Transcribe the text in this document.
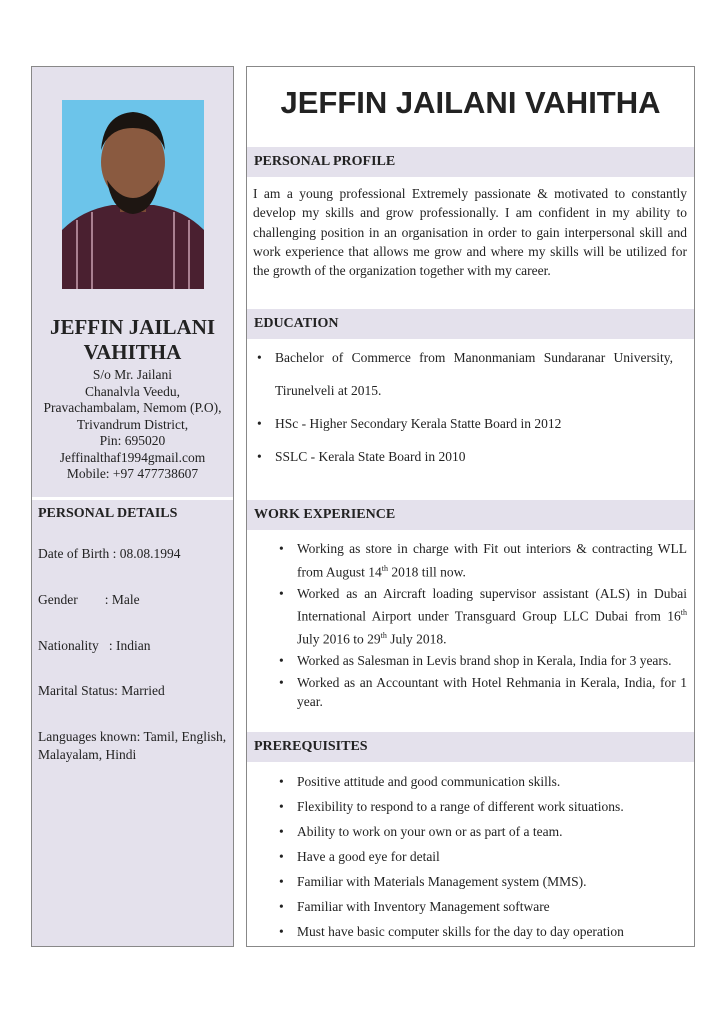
JEFFIN JAILANI VAHITHA
S/o Mr. Jailani
Chanalvla Veedu,
Pravachambalam, Nemom (P.O),
Trivandrum District,
Pin: 695020
Jeffinalthaf1994gmail.com
Mobile: +97 477738607
PERSONAL DETAILS
Date of Birth : 08.08.1994
Gender        : Male
Nationality   : Indian
Marital Status: Married
Languages known: Tamil, English, Malayalam, Hindi
JEFFIN JAILANI VAHITHA
PERSONAL PROFILE
I am a young professional Extremely passionate & motivated to constantly develop my skills and grow professionally. I am confident in my ability to challenging position in an organisation in order to gain interpersonal skill and work experience that allows me grow and where my skills will be utilized for the growth of the organization together with my career.
EDUCATION
• Bachelor of Commerce from Manonmaniam Sundaranar University, Tirunelveli at 2015.
• HSc - Higher Secondary Kerala Statte Board in 2012
• SSLC - Kerala State Board in 2010
WORK EXPERIENCE
• Working as store in charge with Fit out interiors & contracting WLL from August 14th 2018 till now.
• Worked as an Aircraft loading supervisor assistant (ALS) in Dubai International Airport under Transguard Group LLC Dubai from 16th July 2016 to 29th July 2018.
• Worked as Salesman in Levis brand shop in Kerala, India for 3 years.
• Worked as an Accountant with Hotel Rehmania in Kerala, India, for 1 year.
PREREQUISITES
• Positive attitude and good communication skills.
• Flexibility to respond to a range of different work situations.
• Ability to work on your own or as part of a team.
• Have a good eye for detail
• Familiar with Materials Management system (MMS).
• Familiar with Inventory Management software
• Must have basic computer skills for the day to day operation
